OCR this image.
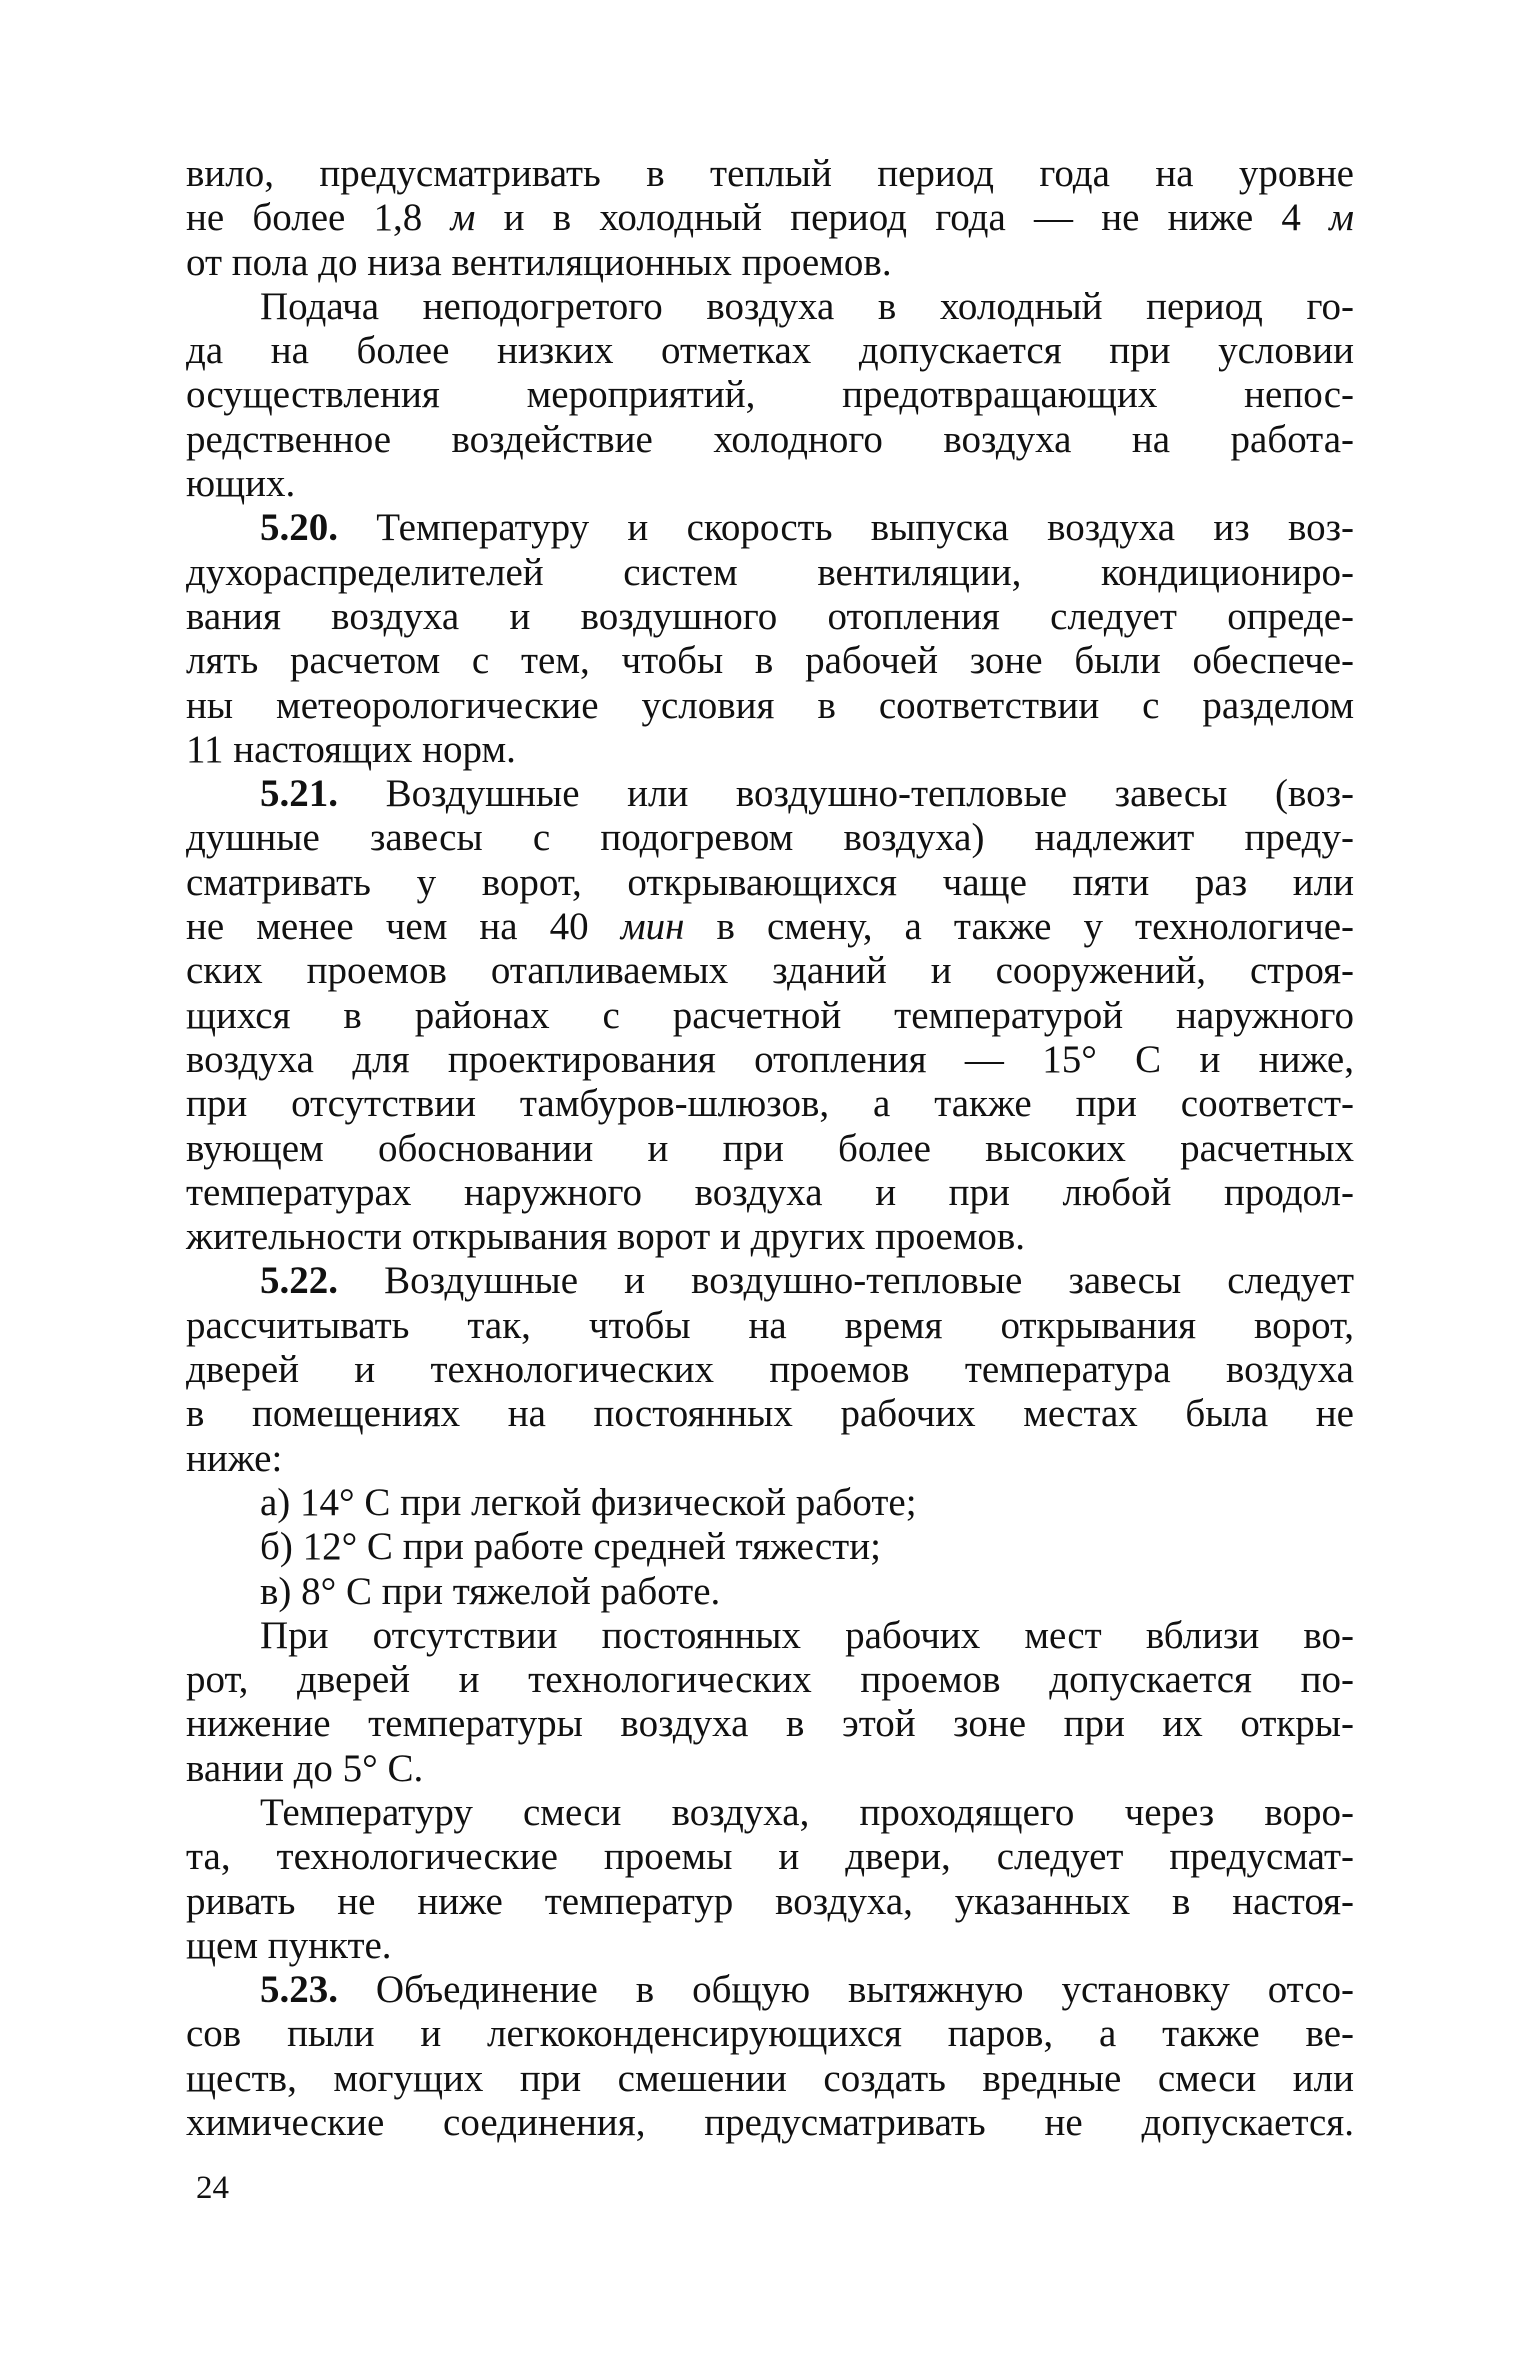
вило, предусматривать в теплый период года на уровне
не более 1,8 м и в холодный период года — не ниже 4 м
от пола до низа вентиляционных проемов.
Подача неподогретого воздуха в холодный период го-
да на более низких отметках допускается при условии
осуществления мероприятий, предотвращающих непос-
редственное воздействие холодного воздуха на работа-
ющих.
5.20. Температуру и скорость выпуска воздуха из воз-
духораспределителей систем вентиляции, кондициониро-
вания воздуха и воздушного отопления следует опреде-
лять расчетом с тем, чтобы в рабочей зоне были обеспече-
ны метеорологические условия в соответствии с разделом
11 настоящих норм.
5.21. Воздушные или воздушно-тепловые завесы (воз-
душные завесы с подогревом воздуха) надлежит преду-
сматривать у ворот, открывающихся чаще пяти раз или
не менее чем на 40 мин в смену, а также у технологиче-
ских проемов отапливаемых зданий и сооружений, строя-
щихся в районах с расчетной температурой наружного
воздуха для проектирования отопления — 15° С и ниже,
при отсутствии тамбуров-шлюзов, а также при соответст-
вующем обосновании и при более высоких расчетных
температурах наружного воздуха и при любой продол-
жительности открывания ворот и других проемов.
5.22. Воздушные и воздушно-тепловые завесы следует
рассчитывать так, чтобы на время открывания ворот,
дверей и технологических проемов температура воздуха
в помещениях на постоянных рабочих местах была не
ниже:
а) 14° С при легкой физической работе;
б) 12° С при работе средней тяжести;
в) 8° С при тяжелой работе.
При отсутствии постоянных рабочих мест вблизи во-
рот, дверей и технологических проемов допускается по-
нижение температуры воздуха в этой зоне при их откры-
вании до 5° С.
Температуру смеси воздуха, проходящего через воро-
та, технологические проемы и двери, следует предусмат-
ривать не ниже температур воздуха, указанных в настоя-
щем пункте.
5.23. Объединение в общую вытяжную установку отсо-
сов пыли и легкоконденсирующихся паров, а также ве-
ществ, могущих при смешении создать вредные смеси или
химические соединения, предусматривать не допускается.
24
